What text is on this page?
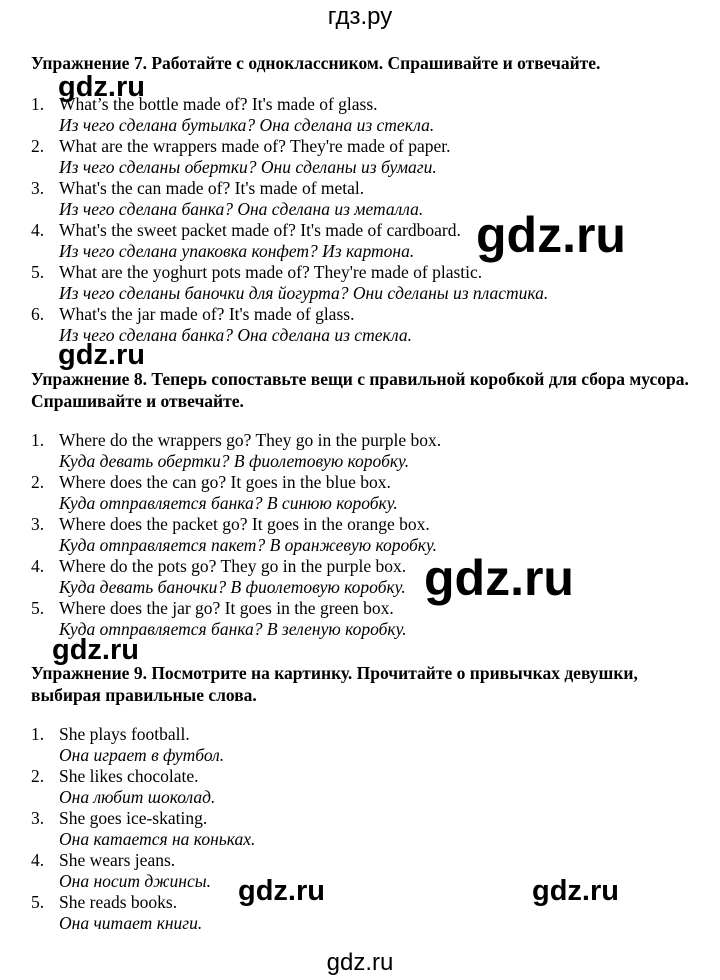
гдз.ру
Упражнение 7. Работайте с одноклассником. Спрашивайте и отвечайте.
1. What’s the bottle made of? It's made of glass.
Из чего сделана бутылка? Она сделана из стекла.
2. What are the wrappers made of? They're made of paper.
Из чего сделаны обертки? Они сделаны из бумаги.
3. What's the can made of? It's made of metal.
Из чего сделана банка? Она сделана из металла.
4. What's the sweet packet made of? It's made of cardboard.
Из чего сделана упаковка конфет? Из картона.
5. What are the yoghurt pots made of? They're made of plastic.
Из чего сделаны баночки для йогурта? Они сделаны из пластика.
6. What's the jar made of? It's made of glass.
Из чего сделана банка? Она сделана из стекла.
Упражнение 8. Теперь сопоставьте вещи с правильной коробкой для сбора мусора. Спрашивайте и отвечайте.
1. Where do the wrappers go? They go in the purple box.
Куда девать обертки? В фиолетовую коробку.
2. Where does the can go? It goes in the blue box.
Куда отправляется банка? В синюю коробку.
3. Where does the packet go? It goes in the orange box.
Куда отправляется пакет? В оранжевую коробку.
4. Where do the pots go? They go in the purple box.
Куда девать баночки? В фиолетовую коробку.
5. Where does the jar go? It goes in the green box.
Куда отправляется банка? В зеленую коробку.
Упражнение 9. Посмотрите на картинку. Прочитайте о привычках девушки, выбирая правильные слова.
1. She plays football.
Она играет в футбол.
2. She likes chocolate.
Она любит шоколад.
3. She goes ice-skating.
Она катается на коньках.
4. She wears jeans.
Она носит джинсы.
5. She reads books.
Она читает книги.
gdz.ru
gdz.ru
gdz.ru
gdz.ru
gdz.ru
gdz.ru	gdz.ru
gdz.ru
